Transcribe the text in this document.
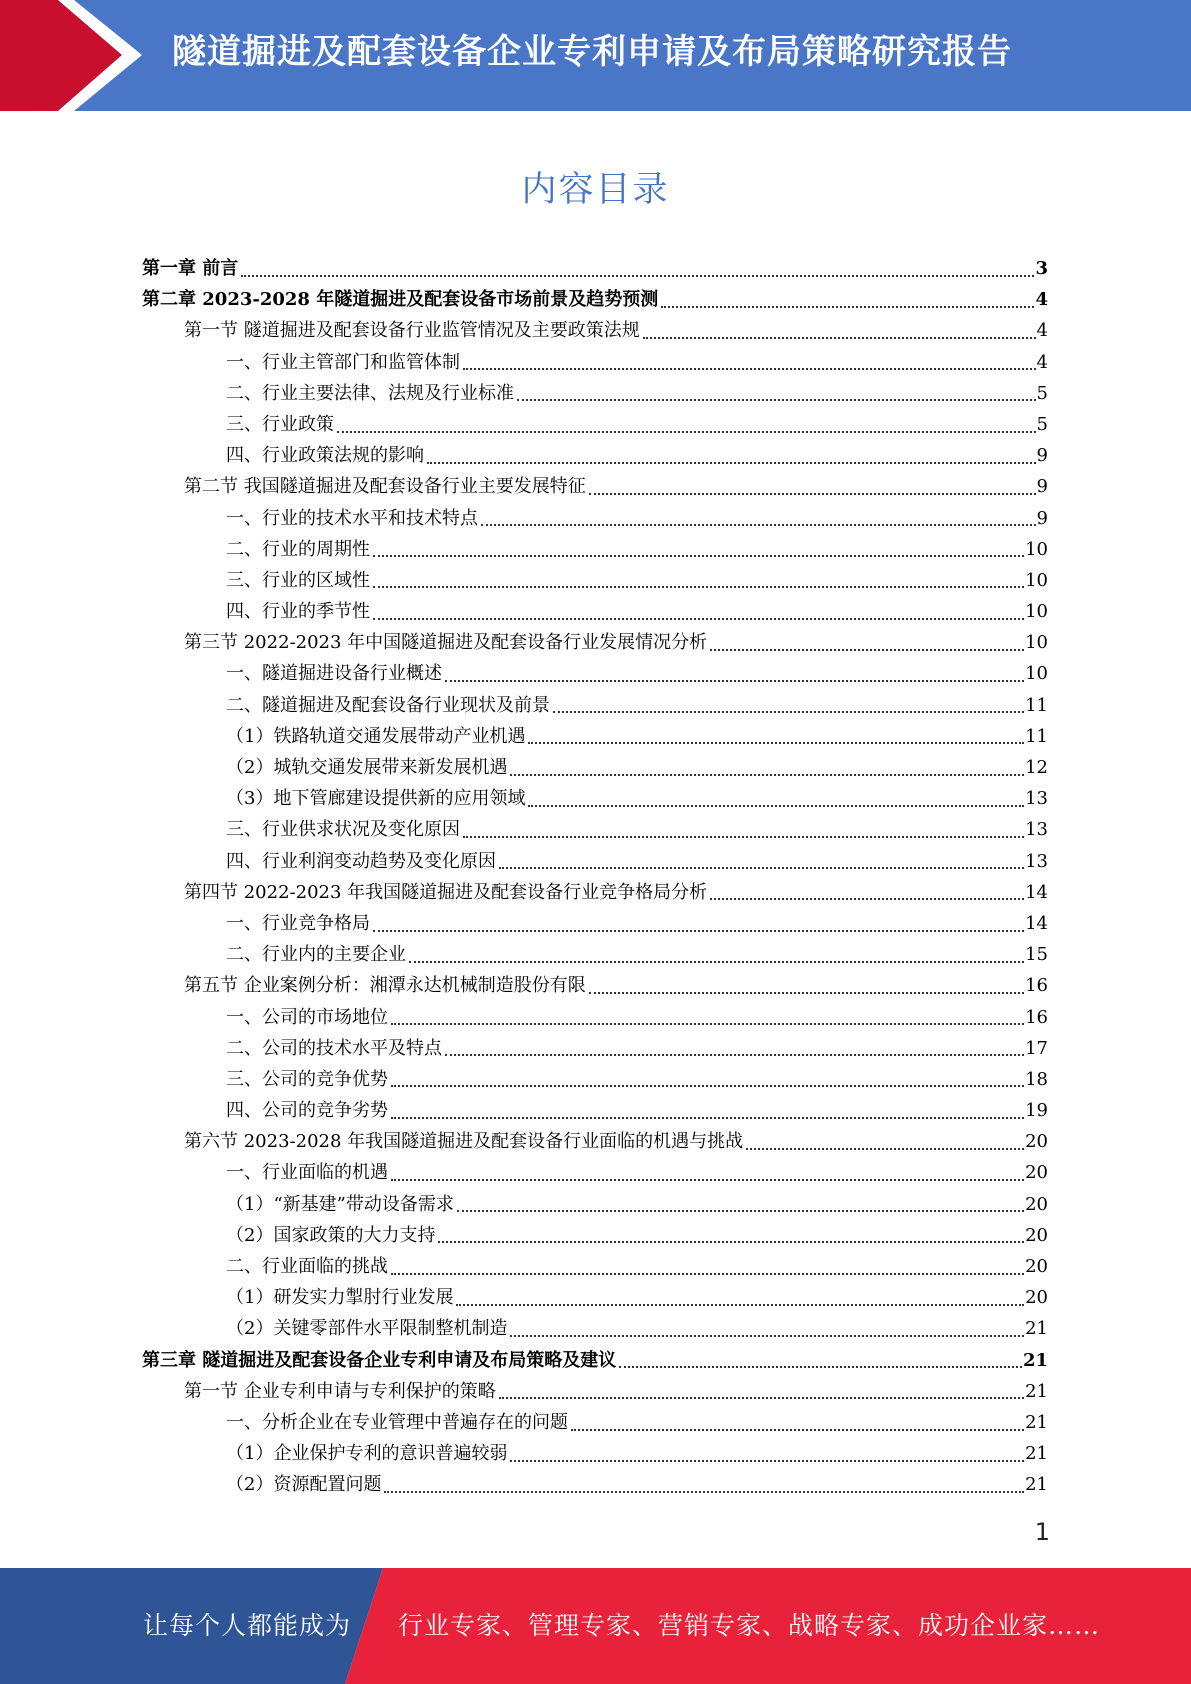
隧道掘进及配套设备企业专利申请及布局策略研究报告
内容目录
第一章 前言	3
第二章 2023-2028 年隧道掘进及配套设备市场前景及趋势预测	4
第一节 隧道掘进及配套设备行业监管情况及主要政策法规	4
一、行业主管部门和监管体制	4
二、行业主要法律、法规及行业标准	5
三、行业政策	5
四、行业政策法规的影响	9
第二节 我国隧道掘进及配套设备行业主要发展特征	9
一、行业的技术水平和技术特点	9
二、行业的周期性	10
三、行业的区域性	10
四、行业的季节性	10
第三节 2022-2023 年中国隧道掘进及配套设备行业发展情况分析	10
一、隧道掘进设备行业概述	10
二、隧道掘进及配套设备行业现状及前景	11
（1）铁路轨道交通发展带动产业机遇	11
（2）城轨交通发展带来新发展机遇	12
（3）地下管廊建设提供新的应用领域	13
三、行业供求状况及变化原因	13
四、行业利润变动趋势及变化原因	13
第四节 2022-2023 年我国隧道掘进及配套设备行业竞争格局分析	14
一、行业竞争格局	14
二、行业内的主要企业	15
第五节 企业案例分析：湘潭永达机械制造股份有限	16
一、公司的市场地位	16
二、公司的技术水平及特点	17
三、公司的竞争优势	18
四、公司的竞争劣势	19
第六节 2023-2028 年我国隧道掘进及配套设备行业面临的机遇与挑战	20
一、行业面临的机遇	20
（1）“新基建”带动设备需求	20
（2）国家政策的大力支持	20
二、行业面临的挑战	20
（1）研发实力掣肘行业发展	20
（2）关键零部件水平限制整机制造	21
第三章 隧道掘进及配套设备企业专利申请及布局策略及建议	21
第一节 企业专利申请与专利保护的策略	21
一、分析企业在专业管理中普遍存在的问题	21
（1）企业保护专利的意识普遍较弱	21
（2）资源配置问题	21
1
让每个人都能成为 行业专家、管理专家、营销专家、战略专家、成功企业家……
